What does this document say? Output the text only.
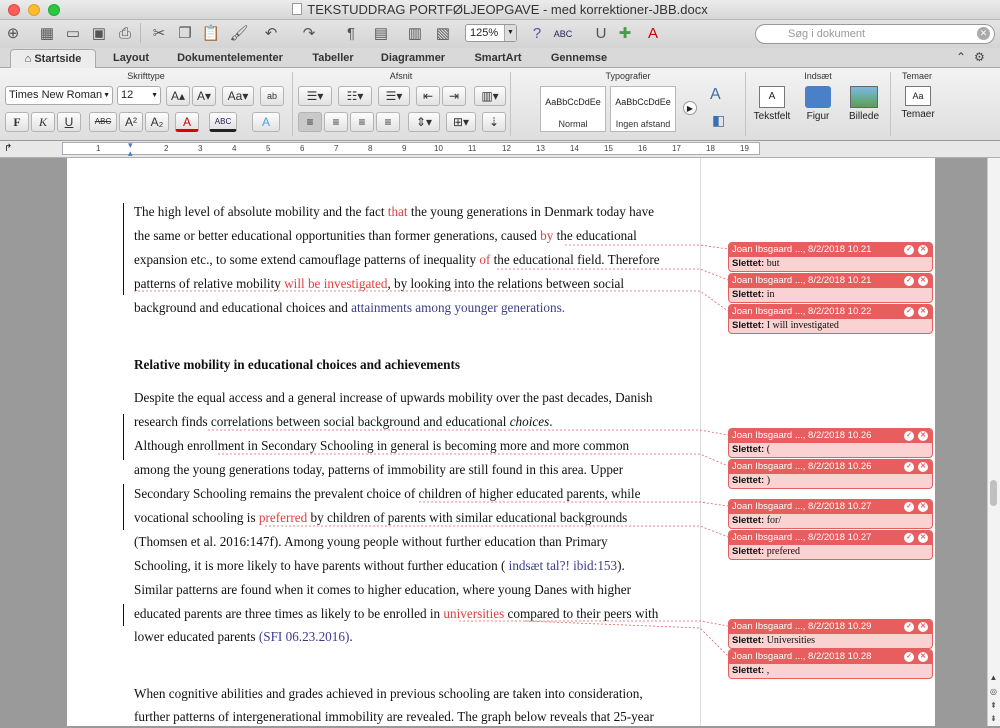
TEKSTUDDRAG PORTFØLJEOPGAVE - med korrektioner-JBB.docx
⊕	▦ ▭ ▣ ⎙	✂ ❐ 📋 🖌	↶	↷	¶	▤ ▥ ▧	125%	▼	?	ABC	U ✚	A	Søg i dokument	✕
⌂ Startside	Layout	Dokumentelementer	Tabeller	Diagrammer	SmartArt	Gennemse	⌃ ⚙
Skrifttype	Afsnit	Typografier	Indsæt	Temaer
Times New Roman ▼	12	▼	A▴ A▾	Aa▾	ab
F	K	U	ABC	A²	A₂	A	ABC	A
☰▾	☷▾	☰▾	⇤	⇥	▥▾
≡	≡	≡	≡	⇕▾	⊞▾	⇣
AaBbCcDdEe
Normal
AaBbCcDdEe
Ingen afstand
▶
A
◧
A
Tekstfelt	Figur	Billede
Aa
Temaer
↱	1	2	3	4	5	6	7	8	9	10	11	12	13	14	15	16	17	18	19
▾
▴
▲
◎
⇞
⇟
The high level of absolute mobility and the fact that the young generations in Denmark today have
the same or better educational opportunities than former generations, caused by the educational
expansion etc., to some extend camouflage patterns of inequality of the educational field. Therefore
patterns of relative mobility will be investigated, by looking into the relations between social
background and educational choices and attainments among younger generations.
Relative mobility in educational choices and achievements
Despite the equal access and a general increase of upwards mobility over the past decades, Danish
research finds correlations between social background and educational choices.
Although enrollment in Secondary Schooling in general is becoming more and more common
among the young generations today, patterns of immobility are still found in this area. Upper
Secondary Schooling remains the prevalent choice of children of higher educated parents, while
vocational schooling is preferred by children of parents with similar educational backgrounds
(Thomsen et al. 2016:147f). Among young people without further education than Primary
Schooling, it is more likely to have parents without further education ( indsæt tal?! ibid:153).
Similar patterns are found when it comes to higher education, where young Danes with higher
educated parents are three times as likely to be enrolled in universities compared to their peers with
lower educated parents (SFI 06.23.2016).
When cognitive abilities and grades achieved in previous schooling are taken into consideration,
further patterns of intergenerational immobility are revealed. The graph below reveals that 25-year
Joan Ibsgaard ..., 8/2/2018 10.21	✓ ✕
Slettet: but
Joan Ibsgaard ..., 8/2/2018 10.21	✓ ✕
Slettet: in
Joan Ibsgaard ..., 8/2/2018 10.22	✓ ✕
Slettet: I will investigated
Joan Ibsgaard ..., 8/2/2018 10.26	✓ ✕
Slettet: (
Joan Ibsgaard ..., 8/2/2018 10.26	✓ ✕
Slettet: )
Joan Ibsgaard ..., 8/2/2018 10.27	✓ ✕
Slettet: for/
Joan Ibsgaard ..., 8/2/2018 10.27	✓ ✕
Slettet: prefered
Joan Ibsgaard ..., 8/2/2018 10.29	✓ ✕
Slettet: Universities
Joan Ibsgaard ..., 8/2/2018 10.28	✓ ✕
Slettet: ,
